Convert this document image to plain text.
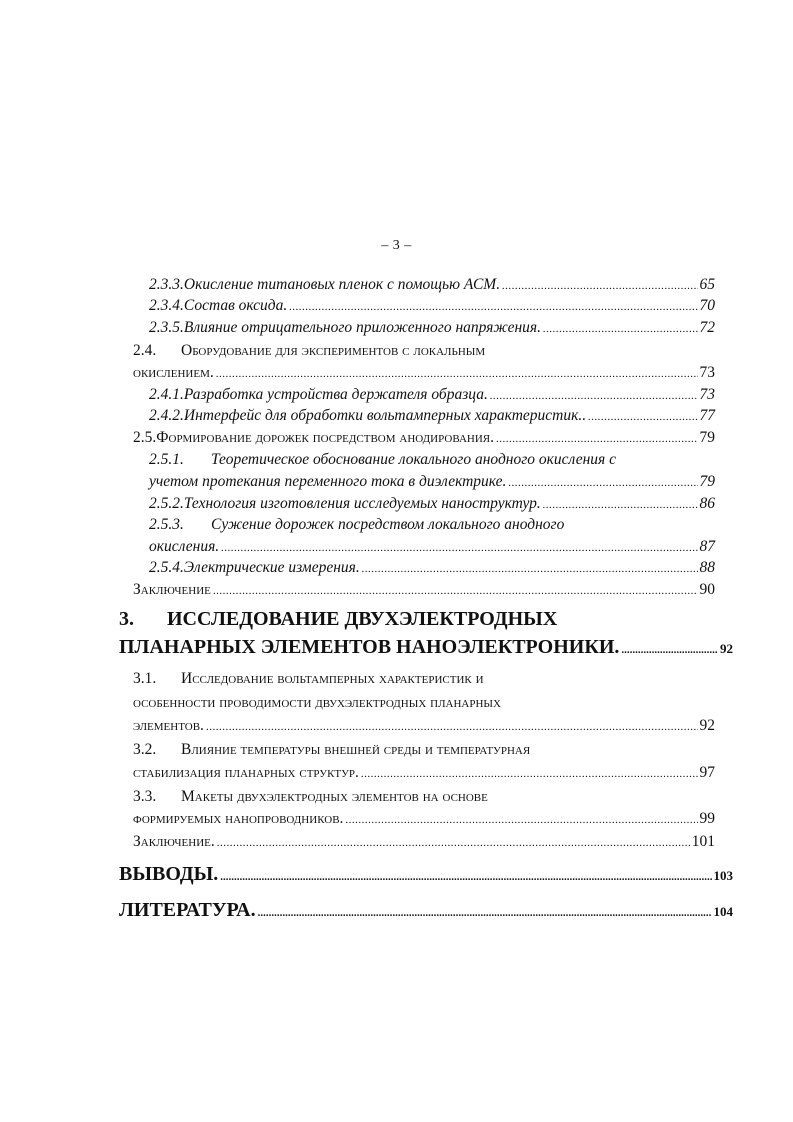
– 3 –
2.3.3. Окисление титановых пленок с помощью АСМ. .....	65
2.3.4. Состав оксида. .....	70
2.3.5. Влияние отрицательного приложенного напряжения. .....	72
2.4. Оборудование для экспериментов с локальным
окислением. .....	73
2.4.1. Разработка устройства держателя образца. .....	73
2.4.2. Интерфейс для обработки вольтамперных характеристик.. .....	77
2.5. Формирование дорожек посредством анодирования. .....	79
2.5.1. Теоретическое обоснование локального анодного окисления с
учетом протекания переменного тока в диэлектрике. .....	79
2.5.2. Технология изготовления исследуемых наноструктур. .....	86
2.5.3. Сужение дорожек посредством локального анодного
окисления. .....	87
2.5.4. Электрические измерения. .....	88
Заключение .....	90
3. ИССЛЕДОВАНИЕ ДВУХЭЛЕКТРОДНЫХ
ПЛАНАРНЫХ ЭЛЕМЕНТОВ НАНОЭЛЕКТРОНИКИ. .....	92
3.1. Исследование вольтамперных характеристик и
особенности проводимости двухэлектродных планарных
элементов. .....	92
3.2. Влияние температуры внешней среды и температурная
стабилизация планарных структур. .....	97
3.3. Макеты двухэлектродных элементов на основе
формируемых нанопроводников. .....	99
Заключение. .....	101
ВЫВОДЫ. .....	103
ЛИТЕРАТУРА. .....	104
